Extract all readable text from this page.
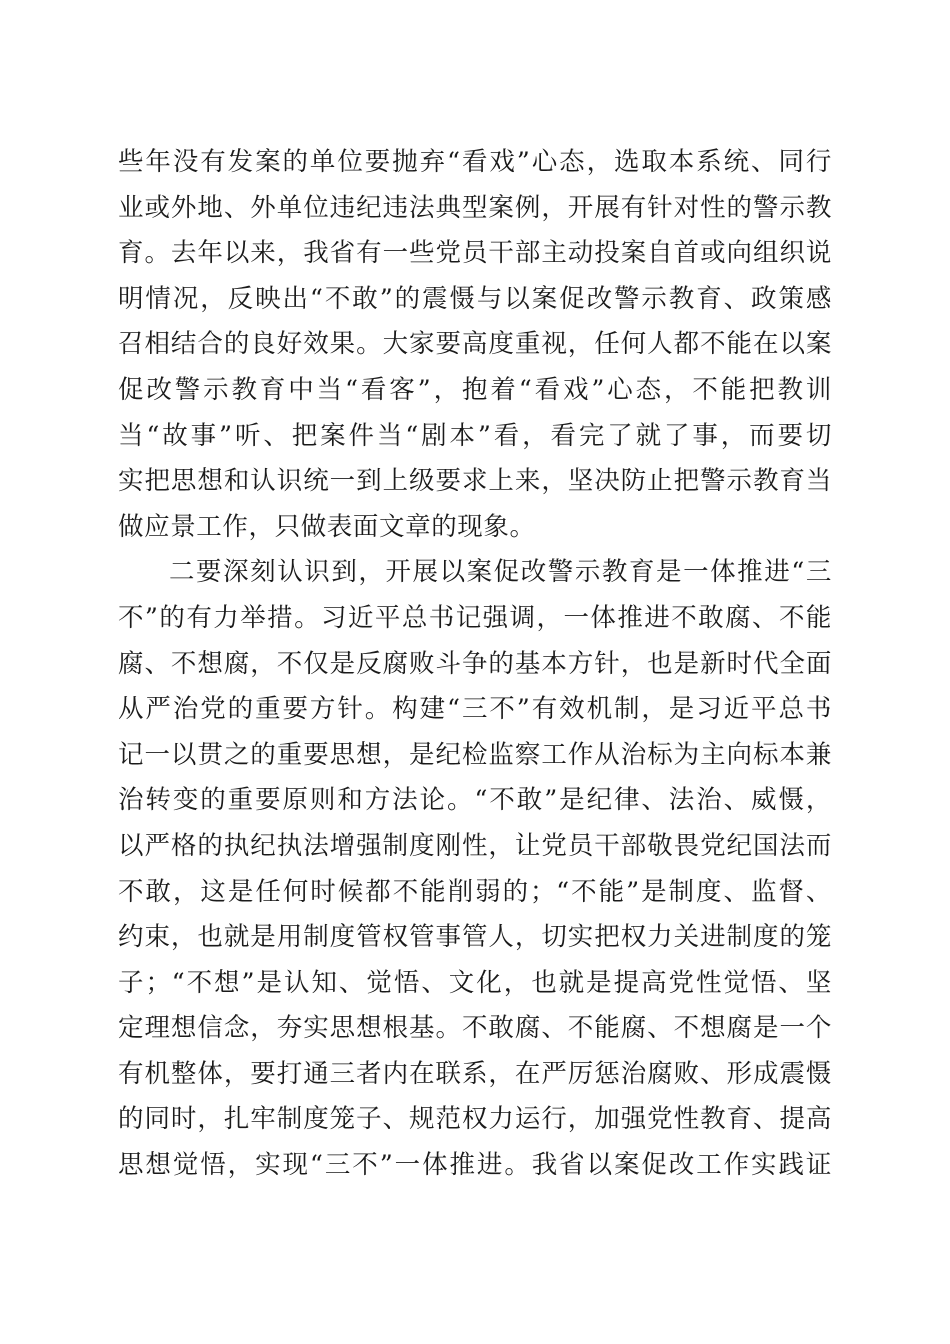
些年没有发案的单位要抛弃“看戏”心态，选取本系统、同行
业或外地、外单位违纪违法典型案例，开展有针对性的警示教
育。去年以来，我省有一些党员干部主动投案自首或向组织说
明情况，反映出“不敢”的震慑与以案促改警示教育、政策感
召相结合的良好效果。大家要高度重视，任何人都不能在以案
促改警示教育中当“看客”，抱着“看戏”心态，不能把教训
当“故事”听、把案件当“剧本”看，看完了就了事，而要切
实把思想和认识统一到上级要求上来，坚决防止把警示教育当
做应景工作，只做表面文章的现象。
二要深刻认识到，开展以案促改警示教育是一体推进“三
不”的有力举措。习近平总书记强调，一体推进不敢腐、不能
腐、不想腐，不仅是反腐败斗争的基本方针，也是新时代全面
从严治党的重要方针。构建“三不”有效机制，是习近平总书
记一以贯之的重要思想，是纪检监察工作从治标为主向标本兼
治转变的重要原则和方法论。“不敢”是纪律、法治、威慑，
以严格的执纪执法增强制度刚性，让党员干部敬畏党纪国法而
不敢，这是任何时候都不能削弱的；“不能”是制度、监督、
约束，也就是用制度管权管事管人，切实把权力关进制度的笼
子；“不想”是认知、觉悟、文化，也就是提高党性觉悟、坚
定理想信念，夯实思想根基。不敢腐、不能腐、不想腐是一个
有机整体，要打通三者内在联系，在严厉惩治腐败、形成震慑
的同时，扎牢制度笼子、规范权力运行，加强党性教育、提高
思想觉悟，实现“三不”一体推进。我省以案促改工作实践证
